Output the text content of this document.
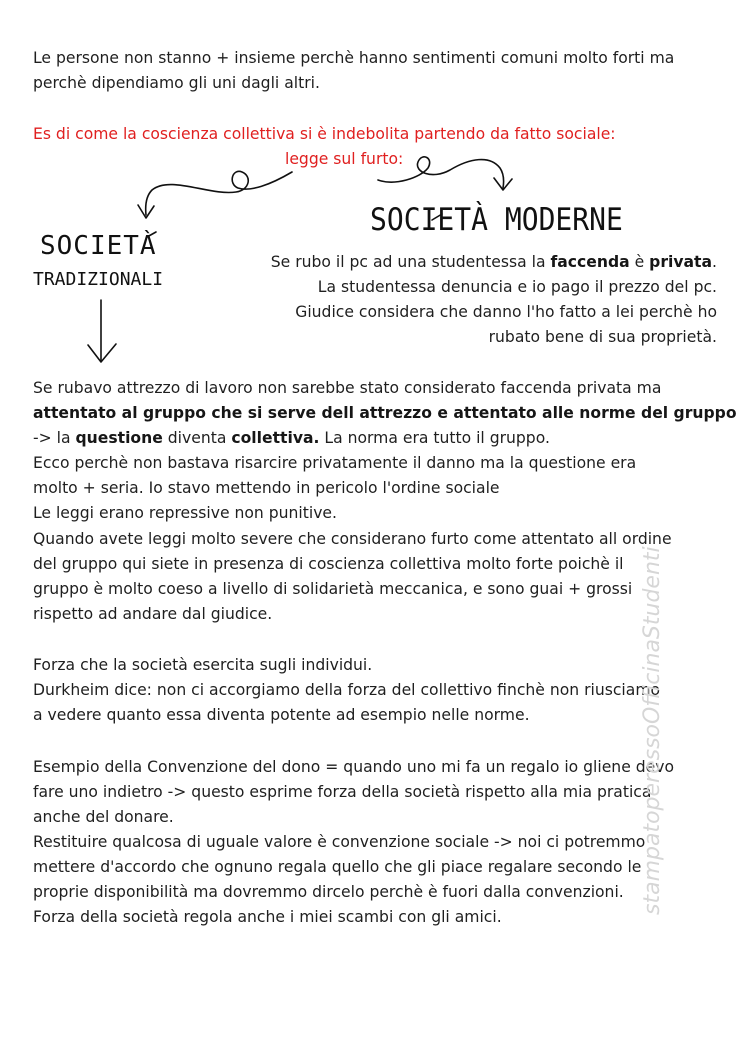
Le persone non stanno + insieme perchè hanno sentimenti comuni molto forti ma
perchè dipendiamo gli uni dagli altri.
Es di come la coscienza collettiva si è indebolita partendo da fatto sociale:
legge sul furto:
SOCIETÀ MODERNE
SOCIETÀ
TRADIZIONALI
Se rubo il pc ad una studentessa la faccenda è privata.
La studentessa denuncia e io pago il prezzo del pc.
Giudice considera che danno l'ho fatto a lei perchè ho
rubato bene di sua proprietà.
Se rubavo attrezzo di lavoro non sarebbe stato considerato faccenda privata ma
attentato al gruppo che si serve dell attrezzo e attentato alle norme del gruppo
-> la questione diventa collettiva. La norma era tutto il gruppo.
Ecco perchè non bastava risarcire privatamente il danno ma la questione era
molto + seria. Io stavo mettendo in pericolo l'ordine sociale
Le leggi erano repressive non punitive.
Quando avete leggi molto severe che considerano furto come attentato all ordine
del gruppo qui siete in presenza di coscienza collettiva molto forte poichè il
gruppo è molto coeso a livello di solidarietà meccanica, e sono guai + grossi
rispetto ad andare dal giudice.
Forza che la società esercita sugli individui.
Durkheim dice: non ci accorgiamo della forza del collettivo finchè non riusciamo
a vedere quanto essa diventa potente ad esempio nelle norme.
Esempio della Convenzione del dono = quando uno mi fa un regalo io gliene devo
fare uno indietro -> questo esprime forza della società rispetto alla mia pratica
anche del donare.
Restituire qualcosa di uguale valore è convenzione sociale -> noi ci potremmo
mettere d'accordo che ognuno regala quello che gli piace regalare secondo le
proprie disponibilità ma dovremmo dircelo perchè è fuori dalla convenzioni.
Forza della società regola anche i miei scambi con gli amici.
stampatoperessoOfficinaStudenti
